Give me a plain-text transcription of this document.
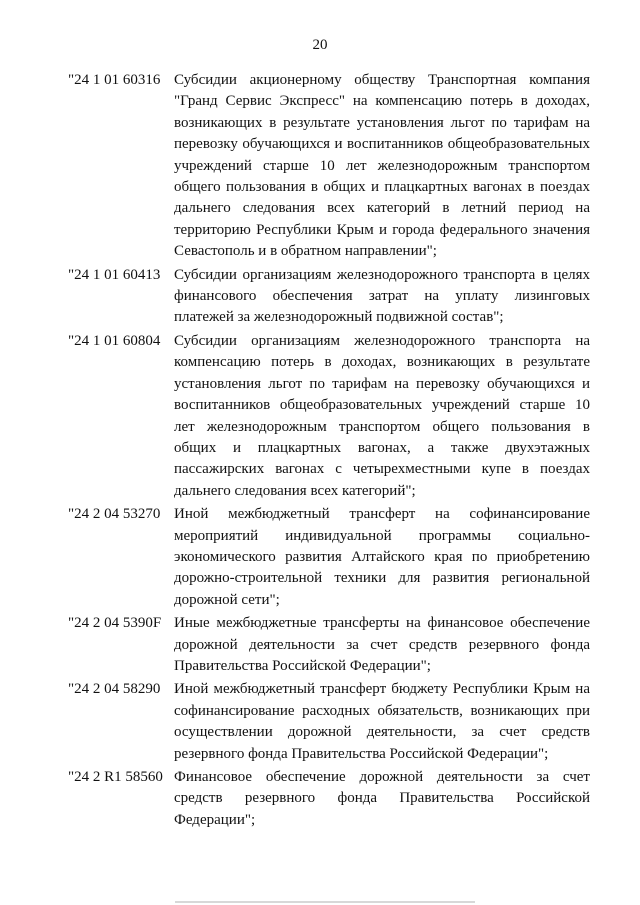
20
"24 1 01 60316 Субсидии акционерному обществу Транспортная компания "Гранд Сервис Экспресс" на компенсацию потерь в доходах, возникающих в результате установления льгот по тарифам на перевозку обучающихся и воспитанников общеобразовательных учреждений старше 10 лет железнодорожным транспортом общего пользования в общих и плацкартных вагонах в поездах дальнего следования всех категорий в летний период на территорию Республики Крым и города федерального значения Севастополь и в обратном направлении";
"24 1 01 60413 Субсидии организациям железнодорожного транспорта в целях финансового обеспечения затрат на уплату лизинговых платежей за железнодорожный подвижной состав";
"24 1 01 60804 Субсидии организациям железнодорожного транспорта на компенсацию потерь в доходах, возникающих в результате установления льгот по тарифам на перевозку обучающихся и воспитанников общеобразовательных учреждений старше 10 лет железнодорожным транспортом общего пользования в общих и плацкартных вагонах, а также двухэтажных пассажирских вагонах с четырехместными купе в поездах дальнего следования всех категорий";
"24 2 04 53270 Иной межбюджетный трансферт на софинансирование мероприятий индивидуальной программы социально-экономического развития Алтайского края по приобретению дорожно-строительной техники для развития региональной дорожной сети";
"24 2 04 5390F Иные межбюджетные трансферты на финансовое обеспечение дорожной деятельности за счет средств резервного фонда Правительства Российской Федерации";
"24 2 04 58290 Иной межбюджетный трансферт бюджету Республики Крым на софинансирование расходных обязательств, возникающих при осуществлении дорожной деятельности, за счет средств резервного фонда Правительства Российской Федерации";
"24 2 R1 58560 Финансовое обеспечение дорожной деятельности за счет средств резервного фонда Правительства Российской Федерации";
